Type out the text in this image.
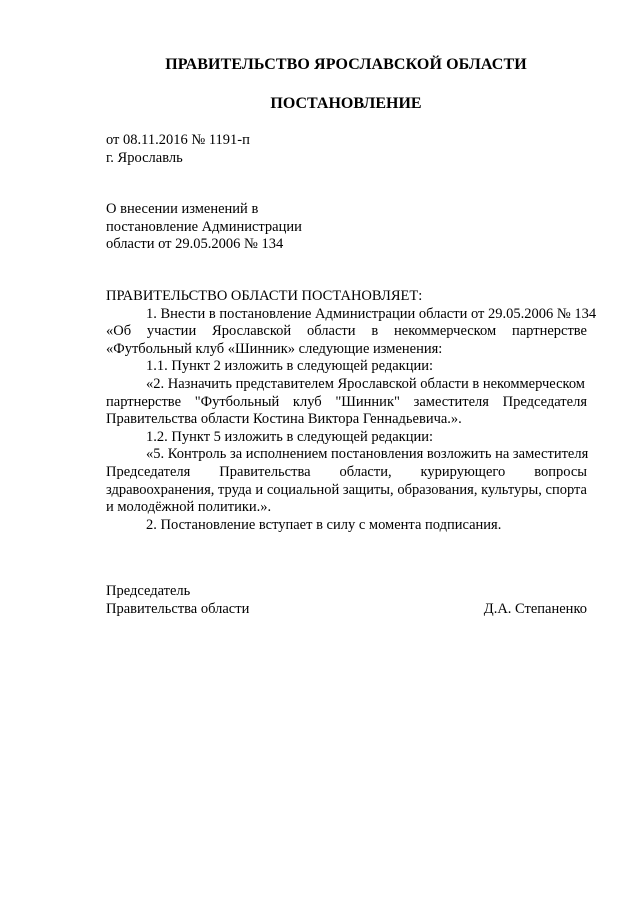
ПРАВИТЕЛЬСТВО ЯРОСЛАВСКОЙ ОБЛАСТИ
ПОСТАНОВЛЕНИЕ
от 08.11.2016 № 1191-п
г. Ярославль
О внесении изменений в
постановление Администрации
области от 29.05.2006 № 134

ПРАВИТЕЛЬСТВО ОБЛАСТИ ПОСТАНОВЛЯЕТ:

1. Внести в постановление Администрации области от 29.05.2006 № 134

«Об участии Ярославской области в некоммерческом партнерстве

«Футбольный клуб «Шинник» следующие изменения:

1.1. Пункт 2 изложить в следующей редакции:

«2. Назначить представителем Ярославской области в некоммерческом

партнерстве "Футбольный клуб "Шинник" заместителя Председателя

Правительства области Костина Виктора Геннадьевича.».

1.2. Пункт 5 изложить в следующей редакции:

«5. Контроль за исполнением постановления возложить на заместителя

Председателя Правительства области, курирующего вопросы

здравоохранения, труда и социальной защиты, образования, культуры, спорта

и молодёжной политики.».

2. Постановление вступает в силу с момента подписания.

Председатель
Правительства области	Д.А. Степаненко
